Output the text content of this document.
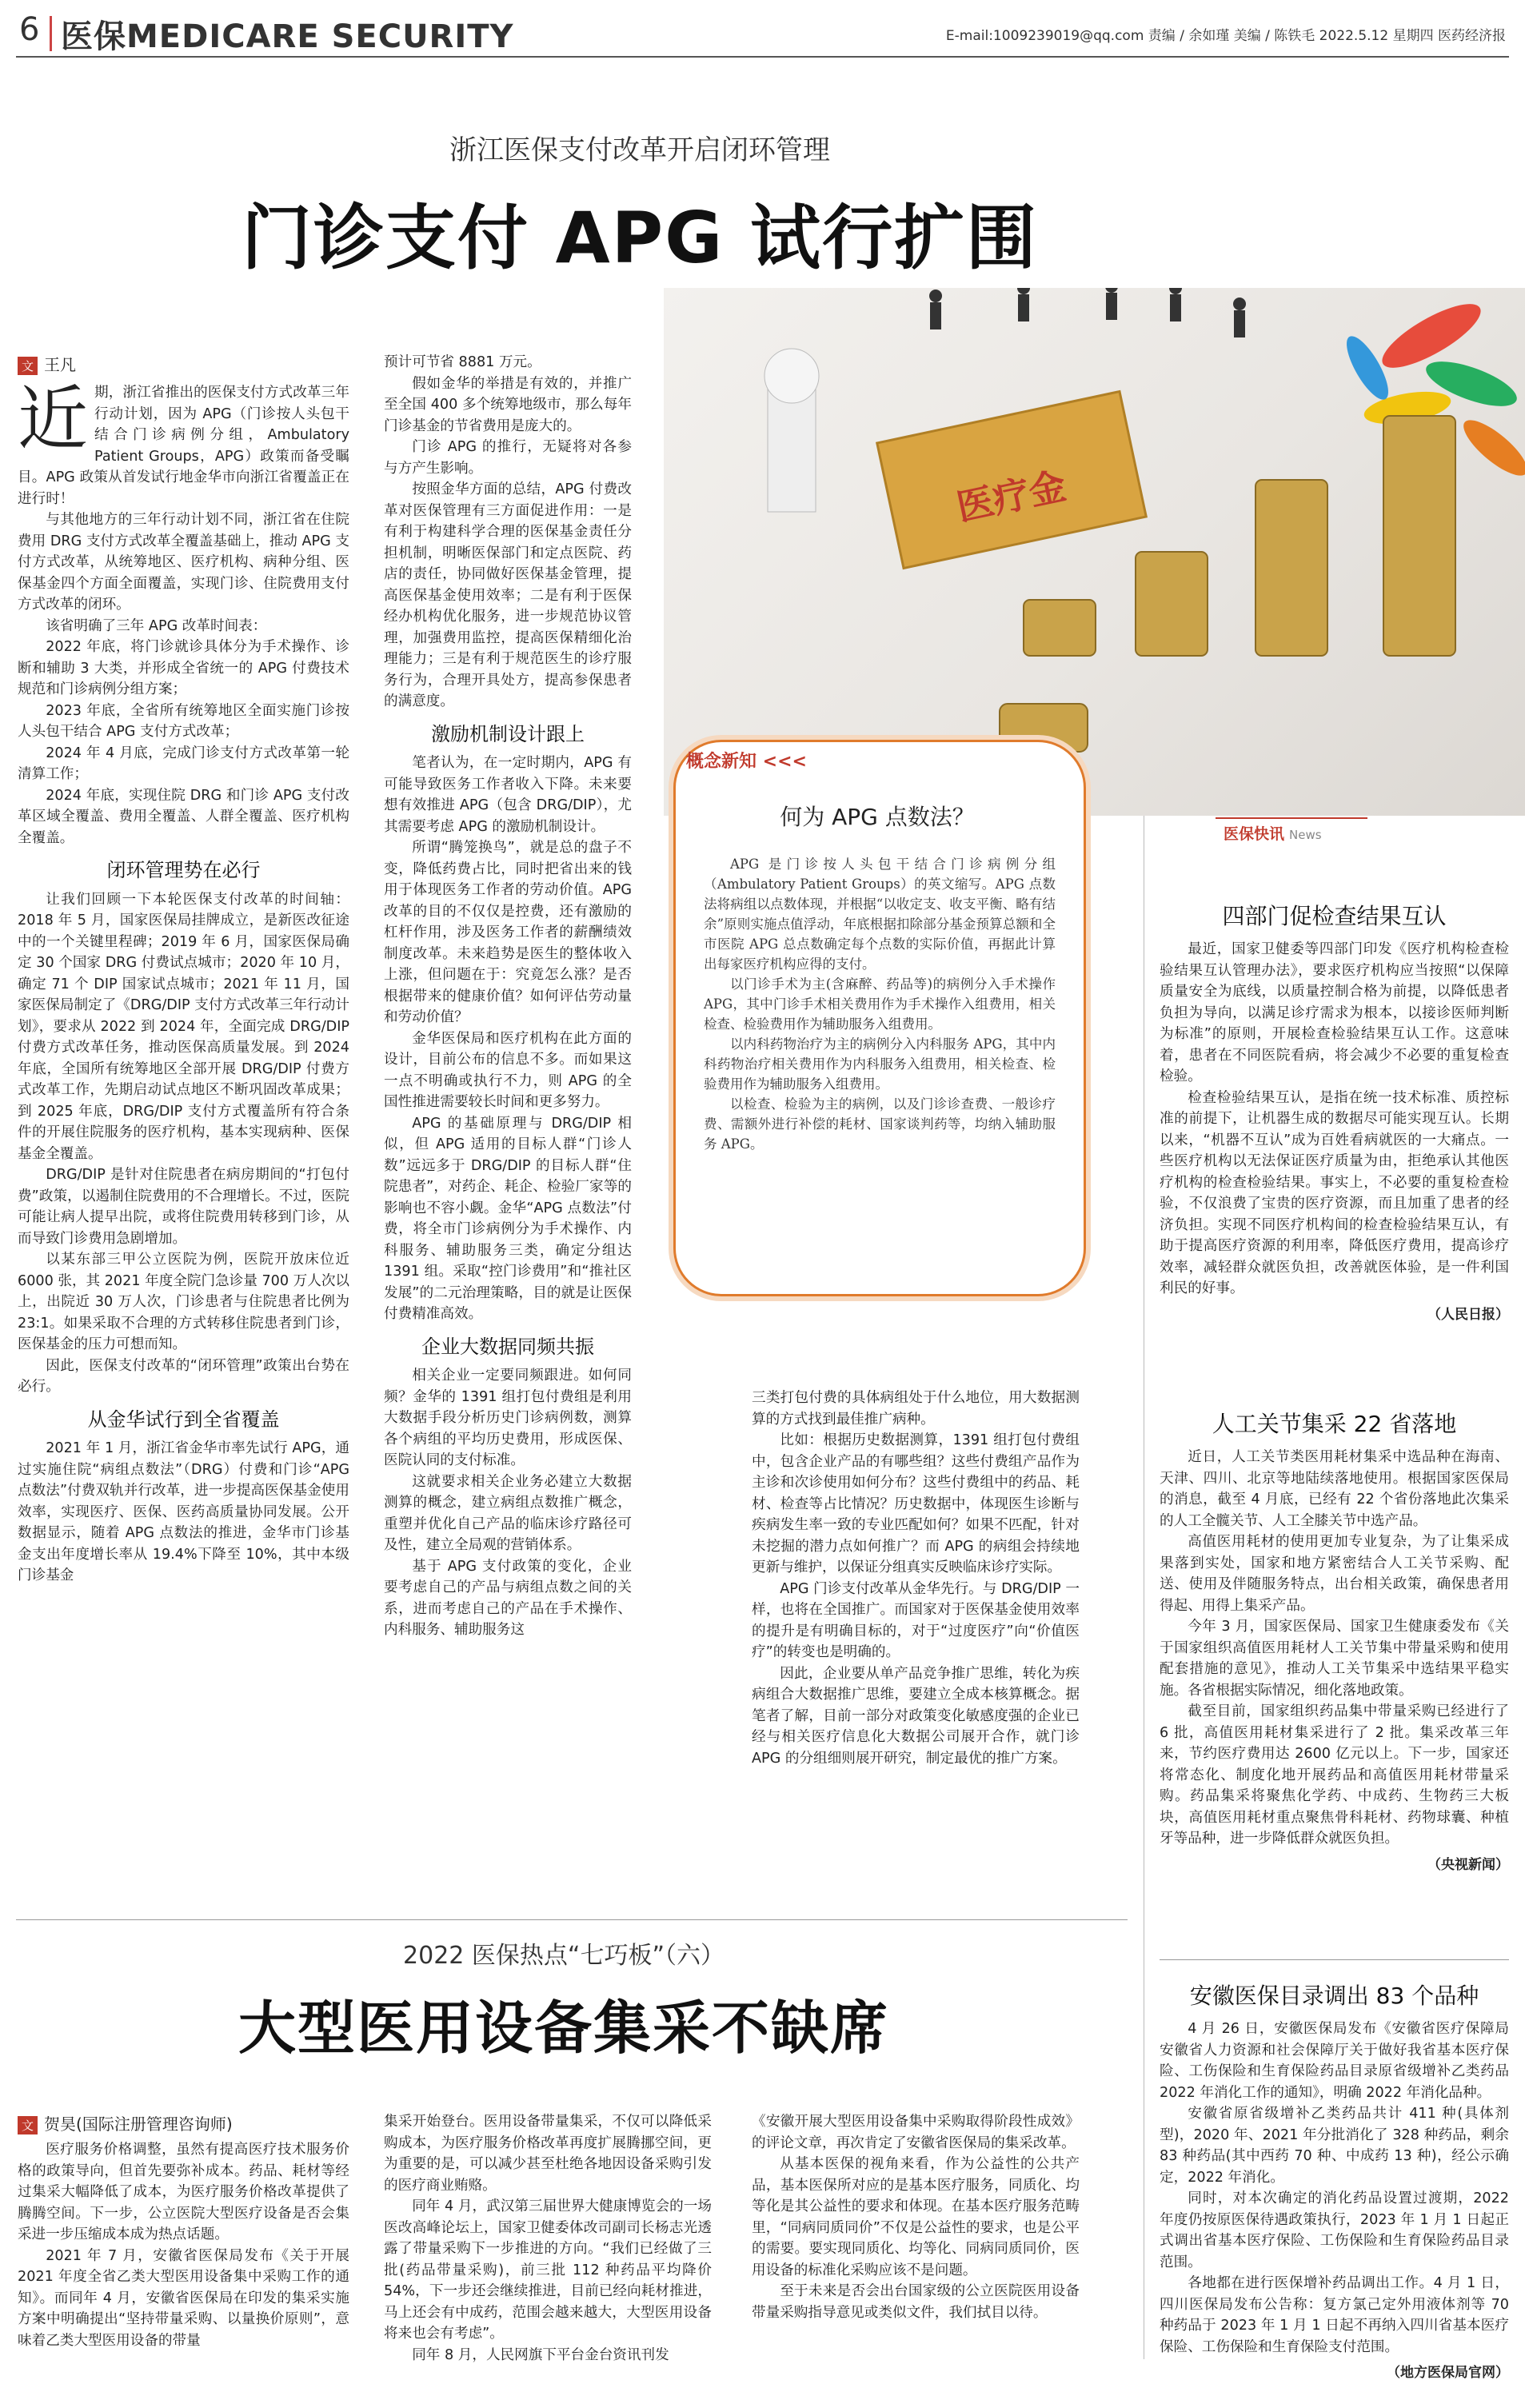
6 医保MEDICARE SECURITY	E-mail:1009239019@qq.com 责编 / 余如瑾 美编 / 陈铁毛 2022.5.12 星期四 医药经济报
浙江医保支付改革开启闭环管理
门诊支付 APG 试行扩围
医疗金
文 王凡
近 期，浙江省推出的医保支付方式改革三年行动计划，因为 APG（门诊按人头包干结合门诊病例分组，Ambulatory Patient Groups，APG）政策而备受瞩目。APG 政策从首发试行地金华市向浙江省覆盖正在进行时！

与其他地方的三年行动计划不同，浙江省在住院费用 DRG 支付方式改革全覆盖基础上，推动 APG 支付方式改革，从统筹地区、医疗机构、病种分组、医保基金四个方面全面覆盖，实现门诊、住院费用支付方式改革的闭环。

该省明确了三年 APG 改革时间表：

2022 年底，将门诊就诊具体分为手术操作、诊断和辅助 3 大类，并形成全省统一的 APG 付费技术规范和门诊病例分组方案；

2023 年底，全省所有统筹地区全面实施门诊按人头包干结合 APG 支付方式改革；

2024 年 4 月底，完成门诊支付方式改革第一轮清算工作；

2024 年底，实现住院 DRG 和门诊 APG 支付改革区域全覆盖、费用全覆盖、人群全覆盖、医疗机构全覆盖。

闭环管理势在必行

让我们回顾一下本轮医保支付改革的时间轴：2018 年 5 月，国家医保局挂牌成立，是新医改征途中的一个关键里程碑；2019 年 6 月，国家医保局确定 30 个国家 DRG 付费试点城市；2020 年 10 月，确定 71 个 DIP 国家试点城市；2021 年 11 月，国家医保局制定了《DRG/DIP 支付方式改革三年行动计划》，要求从 2022 到 2024 年，全面完成 DRG/DIP 付费方式改革任务，推动医保高质量发展。到 2024 年底，全国所有统筹地区全部开展 DRG/DIP 付费方式改革工作，先期启动试点地区不断巩固改革成果；到 2025 年底，DRG/DIP 支付方式覆盖所有符合条件的开展住院服务的医疗机构，基本实现病种、医保基金全覆盖。

DRG/DIP 是针对住院患者在病房期间的“打包付费”政策，以遏制住院费用的不合理增长。不过，医院可能让病人提早出院，或将住院费用转移到门诊，从而导致门诊费用急剧增加。

以某东部三甲公立医院为例，医院开放床位近 6000 张，其 2021 年度全院门急诊量 700 万人次以上，出院近 30 万人次，门诊患者与住院患者比例为 23:1。如果采取不合理的方式转移住院患者到门诊，医保基金的压力可想而知。

因此，医保支付改革的“闭环管理”政策出台势在必行。

从金华试行到全省覆盖

2021 年 1 月，浙江省金华市率先试行 APG，通过实施住院“病组点数法”（DRG）付费和门诊“APG 点数法”付费双轨并行改革，进一步提高医保基金使用效率，实现医疗、医保、医药高质量协同发展。公开数据显示，随着 APG 点数法的推进，金华市门诊基金支出年度增长率从 19.4%下降至 10%，其中本级门诊基金

预计可节省 8881 万元。

假如金华的举措是有效的，并推广至全国 400 多个统筹地级市，那么每年门诊基金的节省费用是庞大的。

门诊 APG 的推行，无疑将对各参与方产生影响。

按照金华方面的总结，APG 付费改革对医保管理有三方面促进作用：一是有利于构建科学合理的医保基金责任分担机制，明晰医保部门和定点医院、药店的责任，协同做好医保基金管理，提高医保基金使用效率；二是有利于医保经办机构优化服务，进一步规范协议管理，加强费用监控，提高医保精细化治理能力；三是有利于规范医生的诊疗服务行为，合理开具处方，提高参保患者的满意度。

激励机制设计跟上

笔者认为，在一定时期内，APG 有可能导致医务工作者收入下降。未来要想有效推进 APG（包含 DRG/DIP），尤其需要考虑 APG 的激励机制设计。

所谓“腾笼换鸟”，就是总的盘子不变，降低药费占比，同时把省出来的钱用于体现医务工作者的劳动价值。APG 改革的目的不仅仅是控费，还有激励的杠杆作用，涉及医务工作者的薪酬绩效制度改革。未来趋势是医生的整体收入上涨，但问题在于：究竟怎么涨？是否根据带来的健康价值？如何评估劳动量和劳动价值？

金华医保局和医疗机构在此方面的设计，目前公布的信息不多。而如果这一点不明确或执行不力，则 APG 的全国性推进需要较长时间和更多努力。

APG 的基础原理与 DRG/DIP 相似，但 APG 适用的目标人群“门诊人数”远远多于 DRG/DIP 的目标人群“住院患者”，对药企、耗企、检验厂家等的影响也不容小觑。金华“APG 点数法”付费，将全市门诊病例分为手术操作、内科服务、辅助服务三类，确定分组达 1391 组。采取“控门诊费用”和“推社区发展”的二元治理策略，目的就是让医保付费精准高效。

企业大数据同频共振

相关企业一定要同频跟进。如何同频？金华的 1391 组打包付费组是利用大数据手段分析历史门诊病例数，测算各个病组的平均历史费用，形成医保、医院认同的支付标准。

这就要求相关企业务必建立大数据测算的概念，建立病组点数推广概念，重塑并优化自己产品的临床诊疗路径可及性，建立全局观的营销体系。

基于 APG 支付政策的变化，企业要考虑自己的产品与病组点数之间的关系，进而考虑自己的产品在手术操作、内科服务、辅助服务这

概念新知 <<<
何为 APG 点数法？

APG 是门诊按人头包干结合门诊病例分组（Ambulatory Patient Groups）的英文缩写。APG 点数法将病组以点数体现，并根据“以收定支、收支平衡、略有结余”原则实施点值浮动，年底根据扣除部分基金预算总额和全市医院 APG 总点数确定每个点数的实际价值，再据此计算出每家医疗机构应得的支付。

以门诊手术为主(含麻醉、药品等)的病例分入手术操作 APG，其中门诊手术相关费用作为手术操作入组费用，相关检查、检验费用作为辅助服务入组费用。

以内科药物治疗为主的病例分入内科服务 APG，其中内科药物治疗相关费用作为内科服务入组费用，相关检查、检验费用作为辅助服务入组费用。

以检查、检验为主的病例，以及门诊诊查费、一般诊疗费、需额外进行补偿的耗材、国家谈判药等，均纳入辅助服务 APG。

三类打包付费的具体病组处于什么地位，用大数据测算的方式找到最佳推广病种。

比如：根据历史数据测算，1391 组打包付费组中，包含企业产品的有哪些组？这些付费组产品作为主诊和次诊使用如何分布？这些付费组中的药品、耗材、检查等占比情况？历史数据中，体现医生诊断与疾病发生率一致的专业匹配如何？如果不匹配，针对未挖掘的潜力点如何推广？而 APG 的病组会持续地更新与维护，以保证分组真实反映临床诊疗实际。

APG 门诊支付改革从金华先行。与 DRG/DIP 一样，也将在全国推广。而国家对于医保基金使用效率的提升是有明确目标的，对于“过度医疗”向“价值医疗”的转变也是明确的。

因此，企业要从单产品竞争推广思维，转化为疾病组合大数据推广思维，要建立全成本核算概念。据笔者了解，目前一部分对政策变化敏感度强的企业已经与相关医疗信息化大数据公司展开合作，就门诊 APG 的分组细则展开研究，制定最优的推广方案。

医保快讯 News
四部门促检查结果互认

最近，国家卫健委等四部门印发《医疗机构检查检验结果互认管理办法》，要求医疗机构应当按照“以保障质量安全为底线，以质量控制合格为前提，以降低患者负担为导向，以满足诊疗需求为根本，以接诊医师判断为标准”的原则，开展检查检验结果互认工作。这意味着，患者在不同医院看病，将会减少不必要的重复检查检验。

检查检验结果互认，是指在统一技术标准、质控标准的前提下，让机器生成的数据尽可能实现互认。长期以来，“机器不互认”成为百姓看病就医的一大痛点。一些医疗机构以无法保证医疗质量为由，拒绝承认其他医疗机构的检查检验结果。事实上，不必要的重复检查检验，不仅浪费了宝贵的医疗资源，而且加重了患者的经济负担。实现不同医疗机构间的检查检验结果互认，有助于提高医疗资源的利用率，降低医疗费用，提高诊疗效率，减轻群众就医负担，改善就医体验，是一件利国利民的好事。

（人民日报）
人工关节集采 22 省落地

近日，人工关节类医用耗材集采中选品种在海南、天津、四川、北京等地陆续落地使用。根据国家医保局的消息，截至 4 月底，已经有 22 个省份落地此次集采的人工全髋关节、人工全膝关节中选产品。

高值医用耗材的使用更加专业复杂，为了让集采成果落到实处，国家和地方紧密结合人工关节采购、配送、使用及伴随服务特点，出台相关政策，确保患者用得起、用得上集采产品。

今年 3 月，国家医保局、国家卫生健康委发布《关于国家组织高值医用耗材人工关节集中带量采购和使用配套措施的意见》，推动人工关节集采中选结果平稳实施。各省根据实际情况，细化落地政策。

截至目前，国家组织药品集中带量采购已经进行了 6 批，高值医用耗材集采进行了 2 批。集采改革三年来，节约医疗费用达 2600 亿元以上。下一步，国家还将常态化、制度化地开展药品和高值医用耗材带量采购。药品集采将聚焦化学药、中成药、生物药三大板块，高值医用耗材重点聚焦骨科耗材、药物球囊、种植牙等品种，进一步降低群众就医负担。

（央视新闻）
安徽医保目录调出 83 个品种

4 月 26 日，安徽医保局发布《安徽省医疗保障局安徽省人力资源和社会保障厅关于做好我省基本医疗保险、工伤保险和生育保险药品目录原省级增补乙类药品 2022 年消化工作的通知》，明确 2022 年消化品种。

安徽省原省级增补乙类药品共计 411 种(具体剂型)，2020 年、2021 年分批消化了 328 种药品，剩余 83 种药品(其中西药 70 种、中成药 13 种)，经公示确定，2022 年消化。

同时，对本次确定的消化药品设置过渡期，2022 年度仍按原医保待遇政策执行，2023 年 1 月 1 日起正式调出省基本医疗保险、工伤保险和生育保险药品目录范围。

各地都在进行医保增补药品调出工作。4 月 1 日，四川医保局发布公告称：复方氯己定外用液体剂等 70 种药品于 2023 年 1 月 1 日起不再纳入四川省基本医疗保险、工伤保险和生育保险支付范围。

（地方医保局官网）
2022 医保热点“七巧板”（六）
大型医用设备集采不缺席
文 贺昊(国际注册管理咨询师)

医疗服务价格调整，虽然有提高医疗技术服务价格的政策导向，但首先要弥补成本。药品、耗材等经过集采大幅降低了成本，为医疗服务价格改革提供了腾腾空间。下一步，公立医院大型医疗设备是否会集采进一步压缩成本成为热点话题。

2021 年 7 月，安徽省医保局发布《关于开展 2021 年度全省乙类大型医用设备集中采购工作的通知》。而同年 4 月，安徽省医保局在印发的集采实施方案中明确提出“坚持带量采购、以量换价原则”，意味着乙类大型医用设备的带量

集采开始登台。医用设备带量集采，不仅可以降低采购成本，为医疗服务价格改革再度扩展腾挪空间，更为重要的是，可以减少甚至杜绝各地因设备采购引发的医疗商业贿赂。

同年 4 月，武汉第三届世界大健康博览会的一场医改高峰论坛上，国家卫健委体改司副司长杨志光透露了带量采购下一步推进的方向。“我们已经做了三批(药品带量采购)，前三批 112 种药品平均降价 54%，下一步还会继续推进，目前已经向耗材推进，马上还会有中成药，范围会越来越大，大型医用设备将来也会有考虑”。

同年 8 月，人民网旗下平台金台资讯刊发

《安徽开展大型医用设备集中采购取得阶段性成效》的评论文章，再次肯定了安徽省医保局的集采改革。

从基本医保的视角来看，作为公益性的公共产品，基本医保所对应的是基本医疗服务，同质化、均等化是其公益性的要求和体现。在基本医疗服务范畴里，“同病同质同价”不仅是公益性的要求，也是公平的需要。要实现同质化、均等化、同病同质同价，医用设备的标准化采购应该不是问题。

至于未来是否会出台国家级的公立医院医用设备带量采购指导意见或类似文件，我们拭目以待。
